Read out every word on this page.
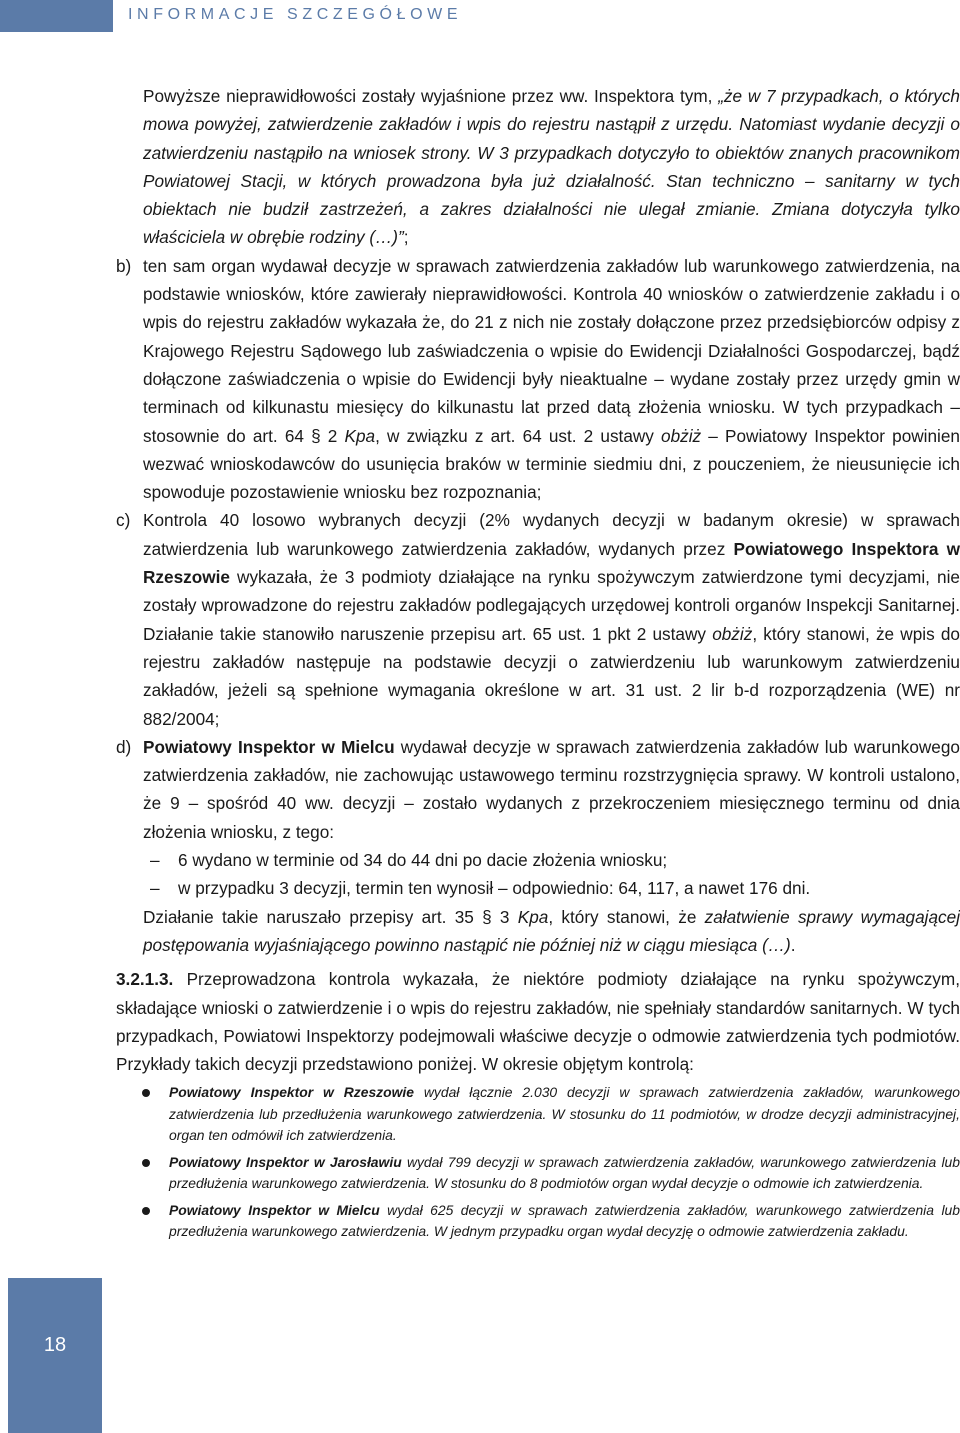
INFORMACJE SZCZEGÓŁOWE

Powyższe nieprawidłowości zostały wyjaśnione przez ww. Inspektora tym, „że w 7 przypadkach, o których mowa powyżej, zatwierdzenie zakładów i wpis do rejestru nastąpił z urzędu. Natomiast wydanie decyzji o zatwierdzeniu nastąpiło na wniosek strony. W 3 przypadkach dotyczyło to obiektów znanych pracownikom Powiatowej Stacji, w których prowadzona była już działalność. Stan techniczno – sanitarny w tych obiektach nie budził zastrzeżeń, a zakres działalności nie ulegał zmianie. Zmiana dotyczyła tylko właściciela w obrębie rodziny (…)”;

b) ten sam organ wydawał decyzje w sprawach zatwierdzenia zakładów lub warunkowego zatwierdzenia, na podstawie wniosków, które zawierały nieprawidłowości. Kontrola 40 wniosków o zatwierdzenie zakładu i o wpis do rejestru zakładów wykazała że, do 21 z nich nie zostały dołączone przez przedsiębiorców odpisy z Krajowego Rejestru Sądowego lub zaświadczenia o wpisie do Ewidencji Działalności Gospodarczej, bądź dołączone zaświadczenia o wpisie do Ewidencji były nieaktualne – wydane zostały przez urzędy gmin w terminach od kilkunastu miesięcy do kilkunastu lat przed datą złożenia wniosku. W tych przypadkach – stosownie do art. 64 § 2 Kpa, w związku z art. 64 ust. 2 ustawy obżiż – Powiatowy Inspektor powinien wezwać wnioskodawców do usunięcia braków w terminie siedmiu dni, z pouczeniem, że nieusunięcie ich spowoduje pozostawienie wniosku bez rozpoznania;
c) Kontrola 40 losowo wybranych decyzji (2% wydanych decyzji w badanym okresie) w sprawach zatwierdzenia lub warunkowego zatwierdzenia zakładów, wydanych przez Powiatowego Inspektora w Rzeszowie wykazała, że 3 podmioty działające na rynku spożywczym zatwierdzone tymi decyzjami, nie zostały wprowadzone do rejestru zakładów podlegających urzędowej kontroli organów Inspekcji Sanitarnej. Działanie takie stanowiło naruszenie przepisu art. 65 ust. 1 pkt 2 ustawy obżiż, który stanowi, że wpis do rejestru zakładów następuje na podstawie decyzji o zatwierdzeniu lub warunkowym zatwierdzeniu zakładów, jeżeli są spełnione wymagania określone w art. 31 ust. 2 lir b-d rozporządzenia (WE) nr 882/2004;
d) Powiatowy Inspektor w Mielcu wydawał decyzje w sprawach zatwierdzenia zakładów lub warunkowego zatwierdzenia zakładów, nie zachowując ustawowego terminu rozstrzygnięcia sprawy. W kontroli ustalono, że 9 – spośród 40 ww. decyzji – zostało wydanych z przekroczeniem miesięcznego terminu od dnia złożenia wniosku, z tego:
– 6 wydano w terminie od 34 do 44 dni po dacie złożenia wniosku;
– w przypadku 3 decyzji, termin ten wynosił – odpowiednio: 64, 117, a nawet 176 dni.
Działanie takie naruszało przepisy art. 35 § 3 Kpa, który stanowi, że załatwienie sprawy wymagającej postępowania wyjaśniającego powinno nastąpić nie później niż w ciągu miesiąca (…).

3.2.1.3. Przeprowadzona kontrola wykazała, że niektóre podmioty działające na rynku spożywczym, składające wnioski o zatwierdzenie i o wpis do rejestru zakładów, nie spełniały standardów sanitarnych. W tych przypadkach, Powiatowi Inspektorzy podejmowali właściwe decyzje o odmowie zatwierdzenia tych podmiotów. Przykłady takich decyzji przedstawiono poniżej. W okresie objętym kontrolą:

Powiatowy Inspektor w Rzeszowie wydał łącznie 2.030 decyzji w sprawach zatwierdzenia zakładów, warunkowego zatwierdzenia lub przedłużenia warunkowego zatwierdzenia. W stosunku do 11 podmiotów, w drodze decyzji administracyjnej, organ ten odmówił ich zatwierdzenia.
Powiatowy Inspektor w Jarosławiu wydał 799 decyzji w sprawach zatwierdzenia zakładów, warunkowego zatwierdzenia lub przedłużenia warunkowego zatwierdzenia. W stosunku do 8 podmiotów organ wydał decyzje o odmowie ich zatwierdzenia.
Powiatowy Inspektor w Mielcu wydał 625 decyzji w sprawach zatwierdzenia zakładów, warunkowego zatwierdzenia lub przedłużenia warunkowego zatwierdzenia. W jednym przypadku organ wydał decyzję o odmowie zatwierdzenia zakładu.
18
